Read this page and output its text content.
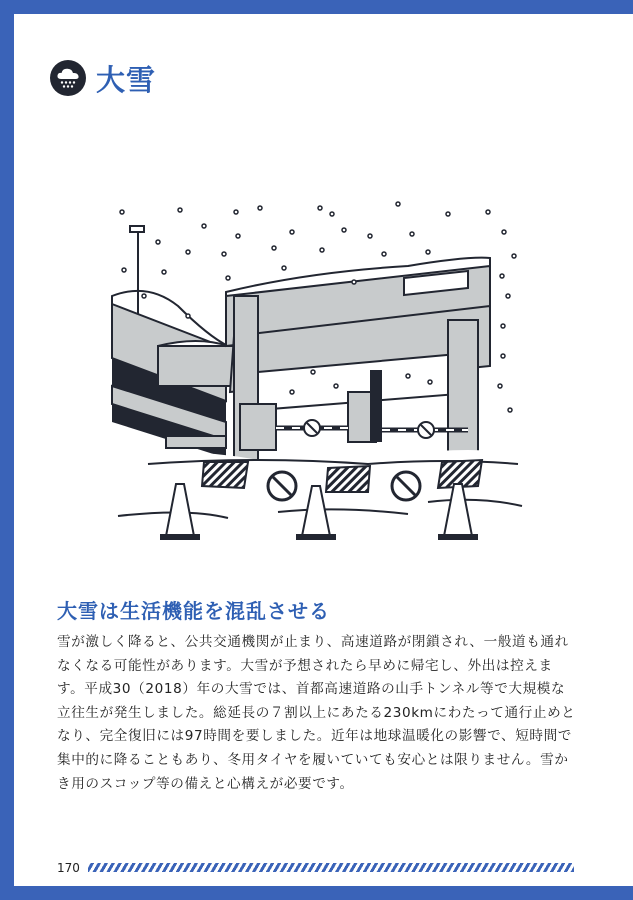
大雪
大雪は生活機能を混乱させる

雪が激しく降ると、公共交通機関が止まり、高速道路が閉鎖され、一般道も通れなくなる可能性があります。大雪が予想されたら早めに帰宅し、外出は控えます。平成30（2018）年の大雪では、首都高速道路の山手トンネル等で大規模な立往生が発生しました。総延長の７割以上にあたる230kmにわたって通行止めとなり、完全復旧には97時間を要しました。近年は地球温暖化の影響で、短時間で集中的に降ることもあり、冬用タイヤを履いていても安心とは限りません。雪かき用のスコップ等の備えと心構えが必要です。

170
